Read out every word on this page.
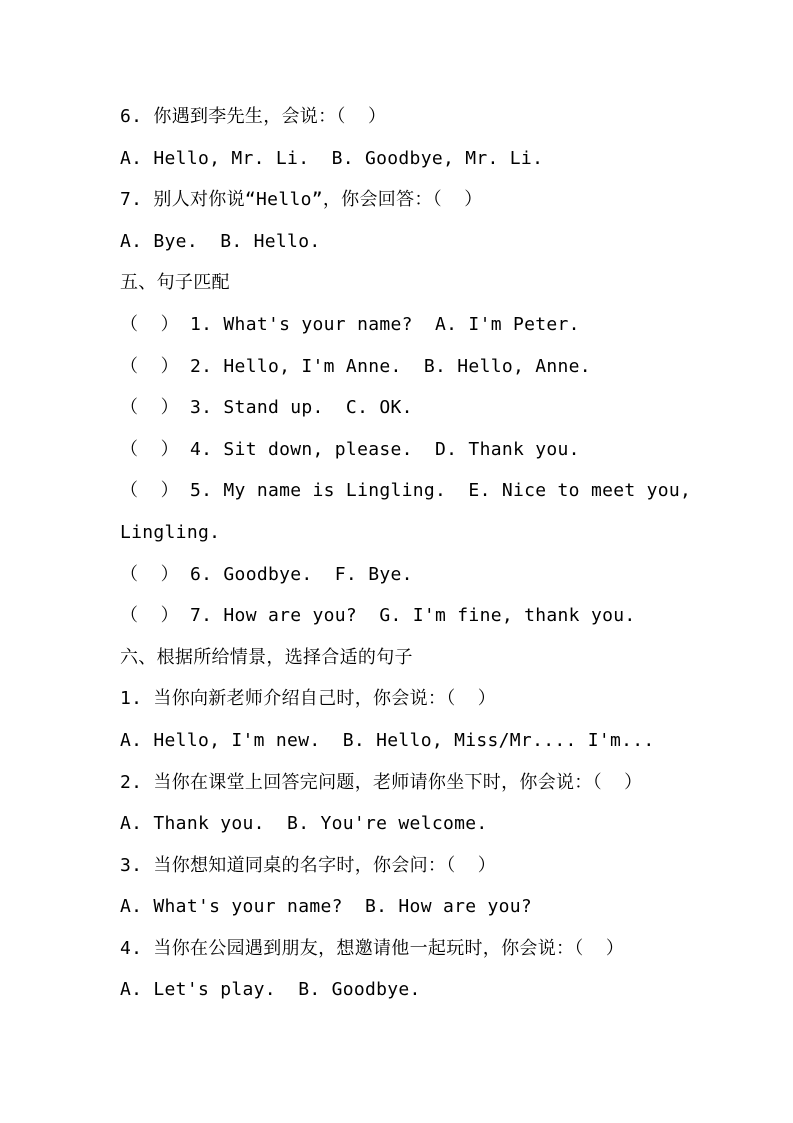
6. 你遇到李先生，会说：（  ）
A. Hello, Mr. Li.  B. Goodbye, Mr. Li.
7. 别人对你说“Hello”，你会回答：（  ）
A. Bye.  B. Hello.
五、句子匹配
（  ） 1. What's your name?  A. I'm Peter.
（  ） 2. Hello, I'm Anne.  B. Hello, Anne.
（  ） 3. Stand up.  C. OK.
（  ） 4. Sit down, please.  D. Thank you.
（  ） 5. My name is Lingling.  E. Nice to meet you,
Lingling.
（  ） 6. Goodbye.  F. Bye.
（  ） 7. How are you?  G. I'm fine, thank you.
六、根据所给情景，选择合适的句子
1. 当你向新老师介绍自己时，你会说：（  ）
A. Hello, I'm new.  B. Hello, Miss/Mr.... I'm...
2. 当你在课堂上回答完问题，老师请你坐下时，你会说：（  ）
A. Thank you.  B. You're welcome.
3. 当你想知道同桌的名字时，你会问：（  ）
A. What's your name?  B. How are you?
4. 当你在公园遇到朋友，想邀请他一起玩时，你会说：（  ）
A. Let's play.  B. Goodbye.
